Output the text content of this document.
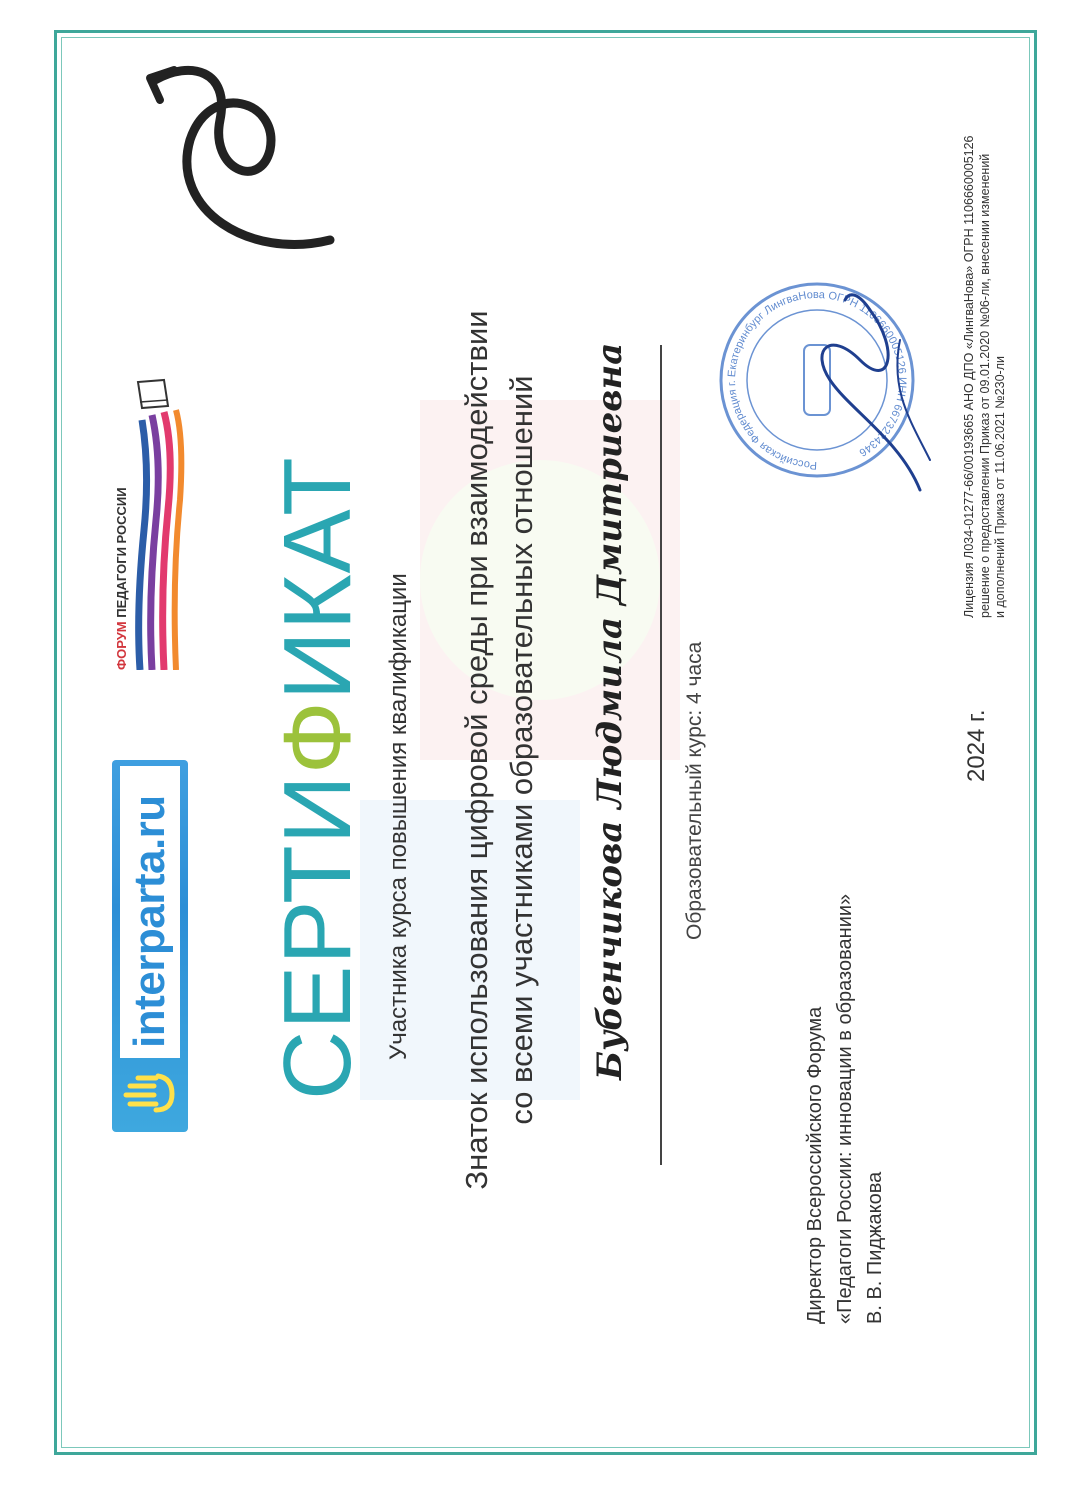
interparta.ru
ФОРУМ ПЕДАГОГИ РОССИИ
СЕРТИФИКАТ
Участника курса повышения квалификации Знаток использования цифровой среды при взаимодействии со всеми участниками образовательных отношений Бубенчикова Людмила Дмитриевна	Образовательный курс: 4 часа
Директор Всероссийского Форума «Педагоги России: инновации в образовании» В. В. Пиджакова
2024 г.
Российская Федерация г. Екатеринбург ЛингваНова ОГРН 1106660005126 ИНН 6673224346	Лицензия Л034-01277-66/00193665 АНО ДПО «ЛингваНова» ОГРН 1106660005126 решение о предоставлении Приказ от 09.01.2020 №06-ли, внесении изменений и дополнений Приказ от 11.06.2021 №230-ли
